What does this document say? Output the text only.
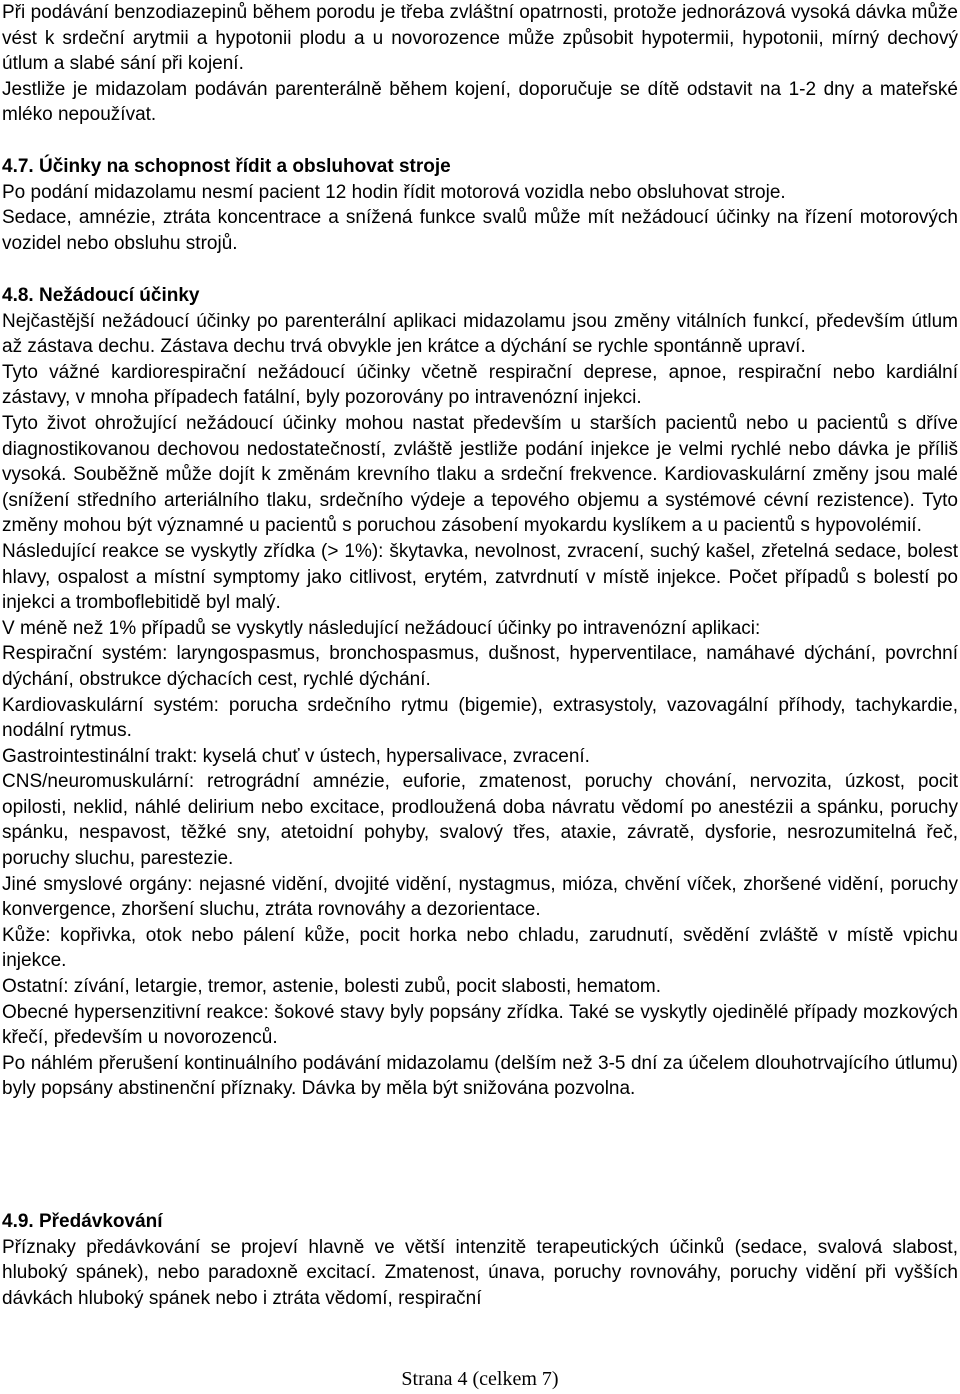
Při podávání benzodiazepinů během porodu je třeba zvláštní opatrnosti, protože jednorázová vysoká dávka může vést k srdeční arytmii a hypotonii plodu a u novorozence může způsobit hypotermii, hypotonii, mírný dechový útlum a slabé sání při kojení.

Jestliže je midazolam podáván parenterálně během kojení, doporučuje se dítě odstavit na 1-2 dny a mateřské mléko nepoužívat.

4.7. Účinky na schopnost řídit a obsluhovat stroje

Po podání midazolamu nesmí pacient 12 hodin řídit motorová vozidla nebo obsluhovat stroje.

Sedace, amnézie, ztráta koncentrace a snížená funkce svalů může mít nežádoucí účinky na řízení motorových vozidel nebo obsluhu strojů.

4.8. Nežádoucí účinky

Nejčastější nežádoucí účinky po parenterální aplikaci midazolamu jsou změny vitálních funkcí, především útlum až zástava dechu. Zástava dechu trvá obvykle jen krátce a dýchání se rychle spontánně upraví.

Tyto vážné kardiorespirační nežádoucí účinky včetně respirační deprese, apnoe, respirační nebo kardiální zástavy, v mnoha případech fatální, byly pozorovány po intravenózní injekci.

Tyto život ohrožující nežádoucí účinky mohou nastat především u starších pacientů nebo u pacientů s dříve diagnostikovanou dechovou nedostatečností, zvláště jestliže podání injekce je velmi rychlé nebo dávka je příliš vysoká. Souběžně může dojít k změnám krevního tlaku a srdeční frekvence. Kardiovaskulární změny jsou malé (snížení středního arteriálního tlaku, srdečního výdeje a tepového objemu a systémové cévní rezistence). Tyto změny mohou být významné u pacientů s poruchou zásobení myokardu kyslíkem a u pacientů s hypovolémií.

Následující reakce se vyskytly zřídka (> 1%): škytavka, nevolnost, zvracení, suchý kašel, zřetelná sedace, bolest hlavy, ospalost a místní symptomy jako citlivost, erytém, zatvrdnutí v místě injekce. Počet případů s bolestí po injekci a tromboflebitidě byl malý.

V méně než 1% případů se vyskytly následující nežádoucí účinky po intravenózní aplikaci:

Respirační systém: laryngospasmus, bronchospasmus, dušnost, hyperventilace, namáhavé dýchání, povrchní dýchání, obstrukce dýchacích cest, rychlé dýchání.

Kardiovaskulární systém: porucha srdečního rytmu (bigemie), extrasystoly, vazovagální příhody, tachykardie, nodální rytmus.

Gastrointestinální trakt: kyselá chuť v ústech, hypersalivace, zvracení.

CNS/neuromuskulární: retrográdní amnézie, euforie, zmatenost, poruchy chování, nervozita, úzkost, pocit opilosti, neklid, náhlé delirium nebo excitace, prodloužená doba návratu vědomí po anestézii a spánku, poruchy spánku, nespavost, těžké sny, atetoidní pohyby, svalový třes, ataxie, závratě, dysforie, nesrozumitelná řeč, poruchy sluchu, parestezie.

Jiné smyslové orgány: nejasné vidění, dvojité vidění, nystagmus, mióza, chvění víček, zhoršené vidění, poruchy konvergence, zhoršení sluchu, ztráta rovnováhy a dezorientace.

Kůže: kopřivka, otok nebo pálení kůže, pocit horka nebo chladu, zarudnutí, svědění zvláště v místě vpichu injekce.

Ostatní: zívání, letargie, tremor, astenie, bolesti zubů, pocit slabosti, hematom.

Obecné hypersenzitivní reakce: šokové stavy byly popsány zřídka. Také se vyskytly ojedinělé případy mozkových křečí, především u novorozenců.

Po náhlém přerušení kontinuálního podávání midazolamu (delším než 3-5 dní za účelem dlouhotrvajícího útlumu) byly popsány abstinenční příznaky. Dávka by měla být snižována pozvolna.

4.9. Předávkování

Příznaky předávkování se projeví hlavně ve větší intenzitě terapeutických účinků (sedace, svalová slabost, hluboký spánek), nebo paradoxně excitací. Zmatenost, únava, poruchy rovnováhy, poruchy vidění při vyšších dávkách hluboký spánek nebo i ztráta vědomí, respirační

Strana 4 (celkem 7)
